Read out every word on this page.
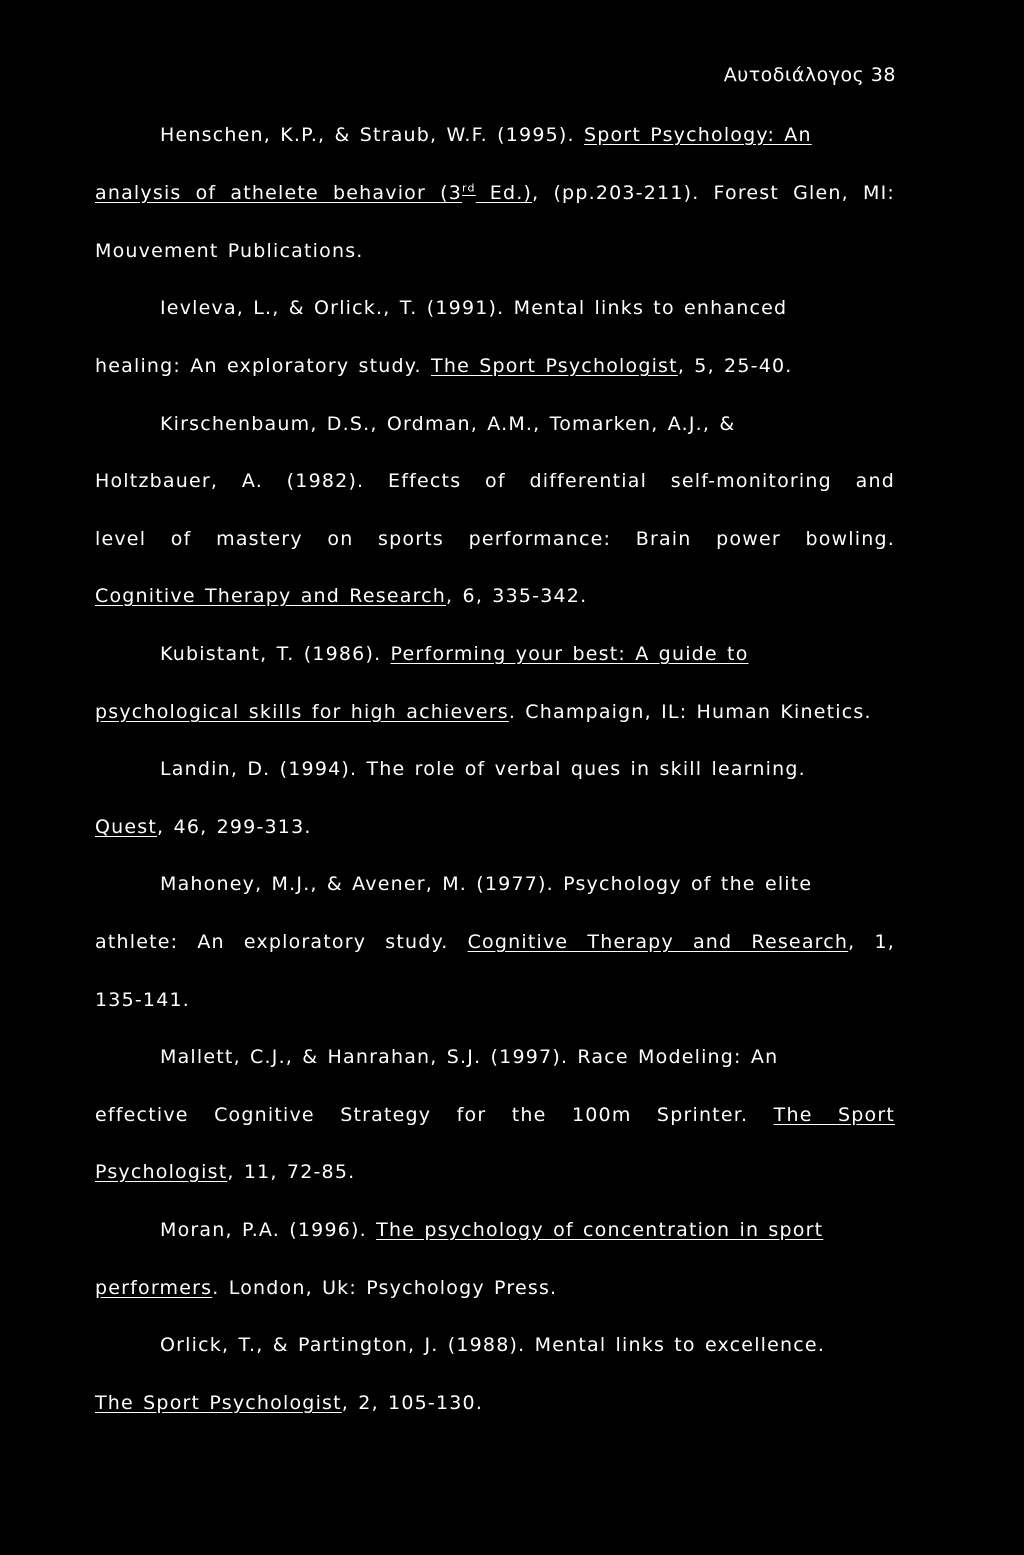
Αυτοδιάλογος 38
Henschen, K.P., & Straub, W.F. (1995). Sport Psychology: An
analysis of athelete behavior (3rd Ed.), (pp.203-211). Forest Glen, MI:
Mouvement Publications.
Ievleva, L., & Orlick., T. (1991). Mental links to enhanced
healing: An exploratory study. The Sport Psychologist, 5, 25-40.
Kirschenbaum, D.S., Ordman, A.M., Tomarken, A.J., &
Holtzbauer, A. (1982). Effects of differential self-monitoring and
level of mastery on sports performance: Brain power bowling.
Cognitive Therapy and Research, 6, 335-342.
Kubistant, T. (1986). Performing your best: A guide to
psychological skills for high achievers. Champaign, IL: Human Kinetics.
Landin, D. (1994). The role of verbal ques in skill learning.
Quest, 46, 299-313.
Mahoney, M.J., & Avener, M. (1977). Psychology of the elite
athlete: An exploratory study. Cognitive Therapy and Research, 1,
135-141.
Mallett, C.J., & Hanrahan, S.J. (1997). Race Modeling: An
effective Cognitive Strategy for the 100m Sprinter. The Sport
Psychologist, 11, 72-85.
Moran, P.A. (1996). The psychology of concentration in sport
performers. London, Uk: Psychology Press.
Orlick, T., & Partington, J. (1988). Mental links to excellence.
The Sport Psychologist, 2, 105-130.
